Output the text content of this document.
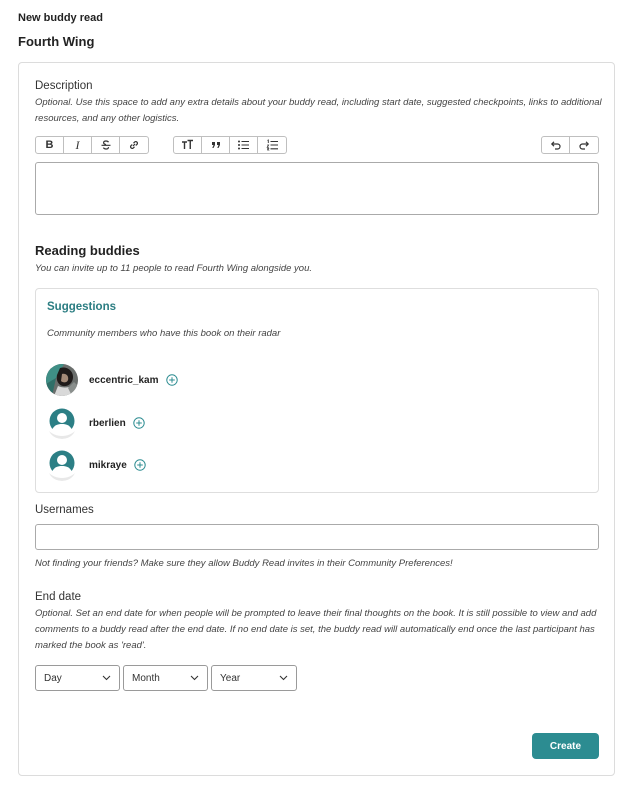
New buddy read
Fourth Wing
Description
Optional. Use this space to add any extra details about your buddy read, including start date, suggested checkpoints, links to additional resources, and any other logistics.
B I
Reading buddies
You can invite up to 11 people to read Fourth Wing alongside you.
Suggestions
Community members who have this book on their radar
eccentric_kam
rberlien
mikraye
Usernames
Not finding your friends? Make sure they allow Buddy Read invites in their Community Preferences!
End date
Optional. Set an end date for when people will be prompted to leave their final thoughts on the book. It is still possible to view and add comments to a buddy read after the end date. If no end date is set, the buddy read will automatically end once the last participant has marked the book as 'read'.
Day	Month	Year
Create
